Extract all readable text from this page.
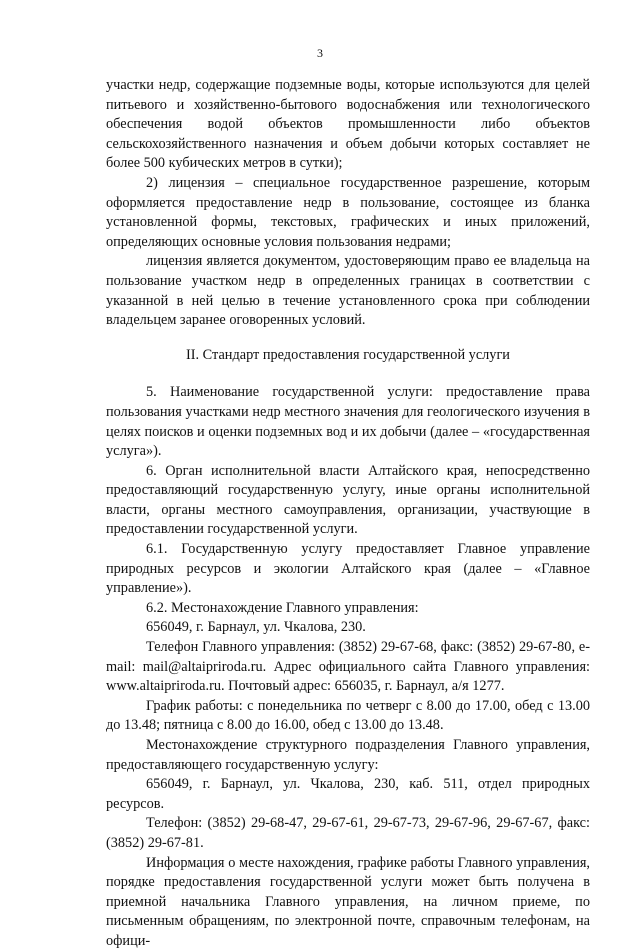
3

участки недр, содержащие подземные воды, которые используются для целей питьевого и хозяйственно-бытового водоснабжения или технологического обеспечения водой объектов промышленности либо объектов сельскохозяйственного назначения и объем добычи которых составляет не более 500 кубических метров в сутки);

2) лицензия – специальное государственное разрешение, которым оформляется предоставление недр в пользование, состоящее из бланка установленной формы, текстовых, графических и иных приложений, определяющих основные условия пользования недрами;

лицензия является документом, удостоверяющим право ее владельца на пользование участком недр в определенных границах в соответствии с указанной в ней целью в течение установленного срока при соблюдении владельцем заранее оговоренных условий.

II. Стандарт предоставления государственной услуги

5. Наименование государственной услуги: предоставление права пользования участками недр местного значения для геологического изучения в целях поисков и оценки подземных вод и их добычи (далее – «государственная услуга»).

6. Орган исполнительной власти Алтайского края, непосредственно предоставляющий государственную услугу, иные органы исполнительной власти, органы местного самоуправления, организации, участвующие в предоставлении государственной услуги.

6.1. Государственную услугу предоставляет Главное управление природных ресурсов и экологии Алтайского края (далее – «Главное управление»).

6.2. Местонахождение Главного управления:

656049, г. Барнаул, ул. Чкалова, 230.

Телефон Главного управления: (3852) 29-67-68, факс: (3852) 29-67-80, e-mail: mail@altaipriroda.ru. Адрес официального сайта Главного управления: www.altaipriroda.ru. Почтовый адрес: 656035, г. Барнаул, а/я 1277.

График работы: с понедельника по четверг с 8.00 до 17.00, обед с 13.00 до 13.48; пятница с 8.00 до 16.00, обед с 13.00 до 13.48.

Местонахождение структурного подразделения Главного управления, предоставляющего государственную услугу:

656049, г. Барнаул, ул. Чкалова, 230, каб. 511, отдел природных ресурсов.

Телефон: (3852) 29-68-47, 29-67-61, 29-67-73, 29-67-96, 29-67-67, факс: (3852) 29-67-81.

Информация о месте нахождения, графике работы Главного управления, порядке предоставления государственной услуги может быть получена в приемной начальника Главного управления, на личном приеме, по письменным обращениям, по электронной почте, справочным телефонам, на офици-
